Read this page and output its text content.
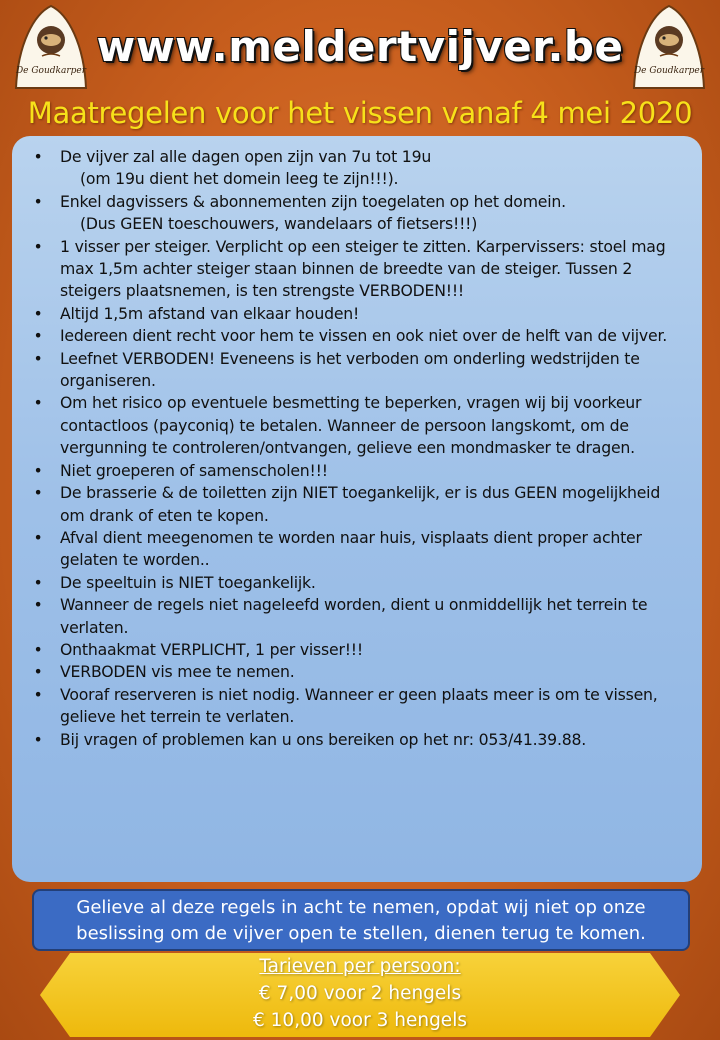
De Goudkarper	De Goudkarper
www.meldertvijver.be
Maatregelen voor het vissen vanaf 4 mei 2020
• De vijver zal alle dagen open zijn van 7u tot 19u
(om 19u dient het domein leeg te zijn!!!).
• Enkel dagvissers & abonnementen zijn toegelaten op het domein.
(Dus GEEN toeschouwers, wandelaars of fietsers!!!)
• 1 visser per steiger. Verplicht op een steiger te zitten. Karpervissers: stoel mag max 1,5m achter steiger staan binnen de breedte van de steiger. Tussen 2 steigers plaatsnemen, is ten strengste VERBODEN!!!
• Altijd 1,5m afstand van elkaar houden!
• Iedereen dient recht voor hem te vissen en ook niet over de helft van de vijver.
• Leefnet VERBODEN! Eveneens is het verboden om onderling wedstrijden te organiseren.
• Om het risico op eventuele besmetting te beperken, vragen wij bij voorkeur contactloos (payconiq) te betalen. Wanneer de persoon langskomt, om de vergunning te controleren/ontvangen, gelieve een mondmasker te dragen.
• Niet groeperen of samenscholen!!!
• De brasserie & de toiletten zijn NIET toegankelijk, er is dus GEEN mogelijkheid om drank of eten te kopen.
• Afval dient meegenomen te worden naar huis, visplaats dient proper achter gelaten te worden..
• De speeltuin is NIET toegankelijk.
• Wanneer de regels niet nageleefd worden, dient u onmiddellijk het terrein te verlaten.
• Onthaakmat VERPLICHT, 1 per visser!!!
• VERBODEN vis mee te nemen.
• Vooraf reserveren is niet nodig. Wanneer er geen plaats meer is om te vissen, gelieve het terrein te verlaten.
• Bij vragen of problemen kan u ons bereiken op het nr: 053/41.39.88.
Gelieve al deze regels in acht te nemen, opdat wij niet op onze beslissing om de vijver open te stellen, dienen terug te komen.
Tarieven per persoon:
€ 7,00 voor 2 hengels
€ 10,00 voor 3 hengels
